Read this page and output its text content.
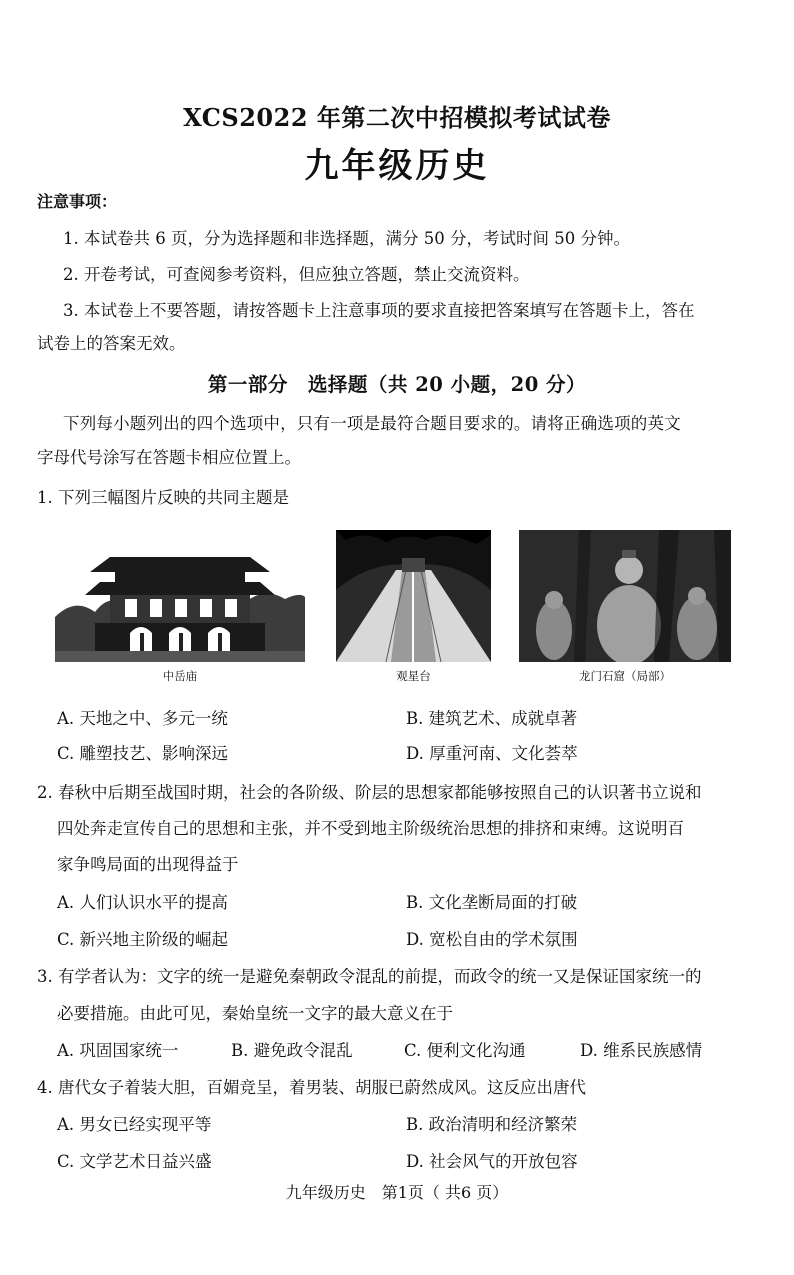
XCS2022 年第二次中招模拟考试试卷
九年级历史
注意事项：
1. 本试卷共 6 页，分为选择题和非选择题，满分 50 分，考试时间 50 分钟。
2. 开卷考试，可查阅参考资料，但应独立答题，禁止交流资料。
3. 本试卷上不要答题，请按答题卡上注意事项的要求直接把答案填写在答题卡上，答在
试卷上的答案无效。
第一部分　选择题（共 20 小题，20 分）
下列每小题列出的四个选项中，只有一项是最符合题目要求的。请将正确选项的英文
字母代号涂写在答题卡相应位置上。
1. 下列三幅图片反映的共同主题是
中岳庙	观星台	龙门石窟（局部）
A. 天地之中、多元一统	B. 建筑艺术、成就卓著
C. 雕塑技艺、影响深远	D. 厚重河南、文化荟萃
2. 春秋中后期至战国时期，社会的各阶级、阶层的思想家都能够按照自己的认识著书立说和
四处奔走宣传自己的思想和主张，并不受到地主阶级统治思想的排挤和束缚。这说明百
家争鸣局面的出现得益于
A. 人们认识水平的提高	B. 文化垄断局面的打破
C. 新兴地主阶级的崛起	D. 宽松自由的学术氛围
3. 有学者认为：文字的统一是避免秦朝政令混乱的前提，而政令的统一又是保证国家统一的
必要措施。由此可见，秦始皇统一文字的最大意义在于
A. 巩固国家统一	B. 避免政令混乱	C. 便利文化沟通	D. 维系民族感情
4. 唐代女子着装大胆，百媚竞呈，着男装、胡服已蔚然成风。这反应出唐代
A. 男女已经实现平等	B. 政治清明和经济繁荣
C. 文学艺术日益兴盛	D. 社会风气的开放包容
九年级历史　第1页（ 共6 页）
